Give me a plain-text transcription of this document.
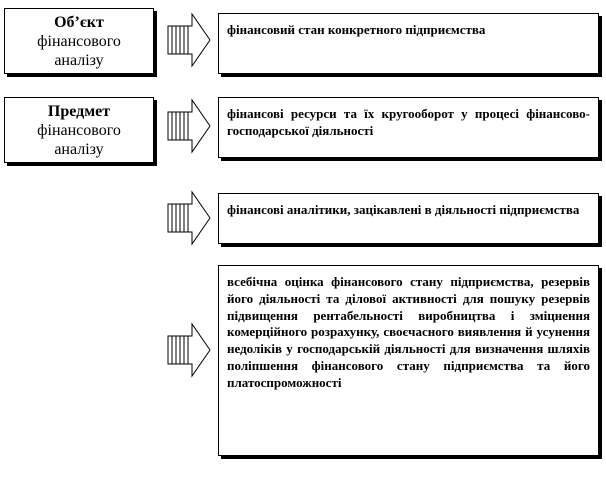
Об’єкт
фінансового
аналізу
Предмет
фінансового
аналізу
фінансовий стан конкретного підприємства
фінансові ресурси та їх кругооборот у процесі фінансово-господарської діяльності
фінансові аналітики, зацікавлені в діяльності підприємства
всебічна оцінка фінансового стану підприємства, резервів його діяльності та ділової активності для пошуку резервів підвищення рентабельності виробництва і зміцнення комерційного розрахунку, своєчасного виявлення й усунення недоліків у господарській діяльності для визначення шляхів поліпшення фінансового стану підприємства та його платоспроможності
